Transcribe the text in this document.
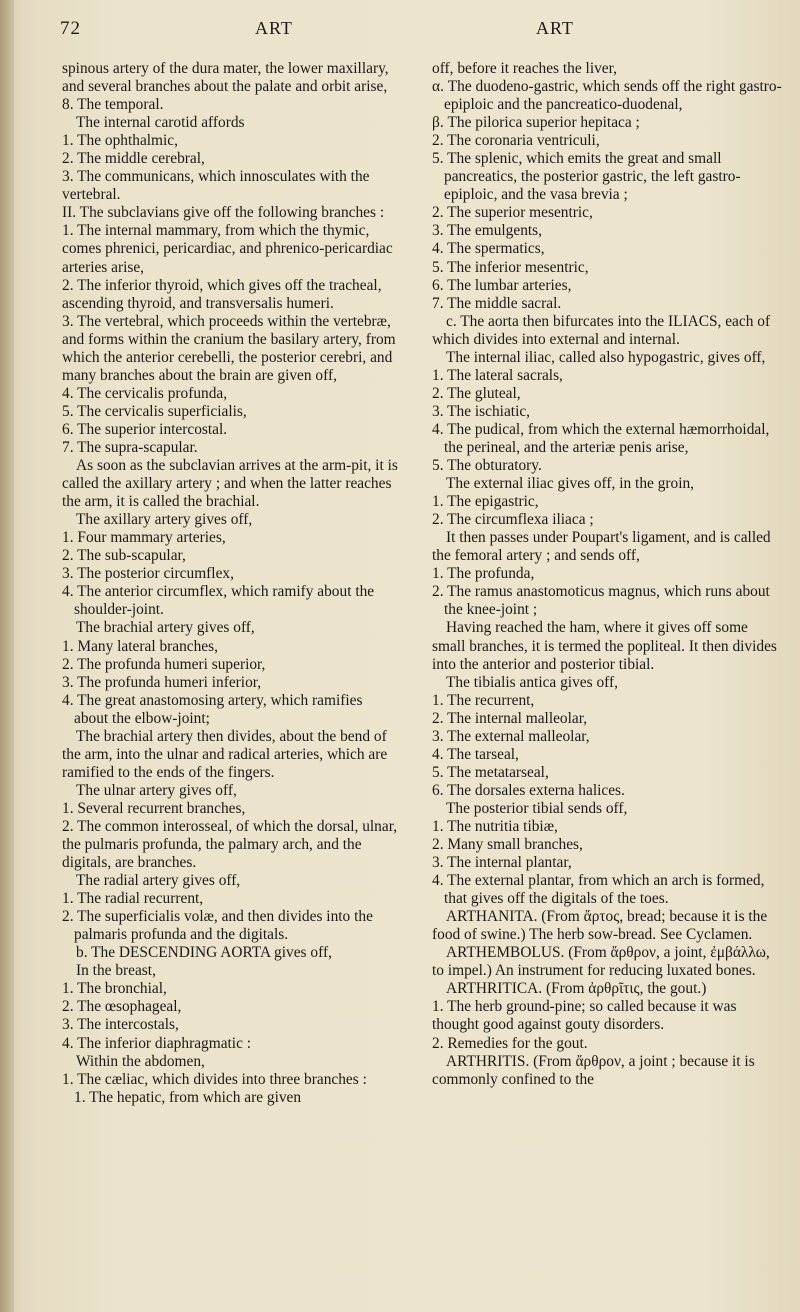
72	ART	ART

spinous artery of the dura mater, the lower maxillary, and several branches about the palate and orbit arise,

8. The temporal.

The internal carotid affords

1. The ophthalmic,

2. The middle cerebral,

3. The communicans, which innosculates with the vertebral.

II. The subclavians give off the following branches :

1. The internal mammary, from which the thymic, comes phrenici, pericardiac, and phrenico-pericardiac arteries arise,

2. The inferior thyroid, which gives off the tracheal, ascending thyroid, and transversalis humeri.

3. The vertebral, which proceeds within the vertebræ, and forms within the cranium the basilary artery, from which the anterior cerebelli, the posterior cerebri, and many branches about the brain are given off,

4. The cervicalis profunda,

5. The cervicalis superficialis,

6. The superior intercostal.

7. The supra-scapular.

As soon as the subclavian arrives at the arm-pit, it is called the axillary artery ; and when the latter reaches the arm, it is called the brachial.

The axillary artery gives off,

1. Four mammary arteries,

2. The sub-scapular,

3. The posterior circumflex,

4. The anterior circumflex, which ramify about the shoulder-joint.

The brachial artery gives off,

1. Many lateral branches,

2. The profunda humeri superior,

3. The profunda humeri inferior,

4. The great anastomosing artery, which ramifies about the elbow-joint;

The brachial artery then divides, about the bend of the arm, into the ulnar and radical arteries, which are ramified to the ends of the fingers.

The ulnar artery gives off,

1. Several recurrent branches,

2. The common interosseal, of which the dorsal, ulnar, the pulmaris profunda, the palmary arch, and the digitals, are branches.

The radial artery gives off,

1. The radial recurrent,

2. The superficialis volæ, and then divides into the palmaris profunda and the digitals.

b. The DESCENDING AORTA gives off,

In the breast,

1. The bronchial,

2. The œsophageal,

3. The intercostals,

4. The inferior diaphragmatic :

Within the abdomen,

1. The cæliac, which divides into three branches :

1. The hepatic, from which are given

off, before it reaches the liver,

α. The duodeno-gastric, which sends off the right gastro-epiploic and the pancreatico-duodenal,

β. The pilorica superior hepitaca ;

2. The coronaria ventriculi,

5. The splenic, which emits the great and small pancreatics, the posterior gastric, the left gastro-epiploic, and the vasa brevia ;

2. The superior mesentric,

3. The emulgents,

4. The spermatics,

5. The inferior mesentric,

6. The lumbar arteries,

7. The middle sacral.

c. The aorta then bifurcates into the ILIACS, each of which divides into external and internal.

The internal iliac, called also hypogastric, gives off,

1. The lateral sacrals,

2. The gluteal,

3. The ischiatic,

4. The pudical, from which the external hæmorrhoidal, the perineal, and the arteriæ penis arise,

5. The obturatory.

The external iliac gives off, in the groin,

1. The epigastric,

2. The circumflexa iliaca ;

It then passes under Poupart's ligament, and is called the femoral artery ; and sends off,

1. The profunda,

2. The ramus anastomoticus magnus, which runs about the knee-joint ;

Having reached the ham, where it gives off some small branches, it is termed the popliteal. It then divides into the anterior and posterior tibial.

The tibialis antica gives off,

1. The recurrent,

2. The internal malleolar,

3. The external malleolar,

4. The tarseal,

5. The metatarseal,

6. The dorsales externa halices.

The posterior tibial sends off,

1. The nutritia tibiæ,

2. Many small branches,

3. The internal plantar,

4. The external plantar, from which an arch is formed, that gives off the digitals of the toes.

ARTHANITA. (From ἄρτος, bread; because it is the food of swine.) The herb sow-bread. See Cyclamen.

ARTHEMBOLUS. (From ἄρθρον, a joint, ἐμβάλλω, to impel.) An instrument for reducing luxated bones.

ARTHRITICA. (From ἀρθρῖτις, the gout.)

1. The herb ground-pine; so called because it was thought good against gouty disorders.

2. Remedies for the gout.

ARTHRITIS. (From ἄρθρον, a joint ; because it is commonly confined to the
